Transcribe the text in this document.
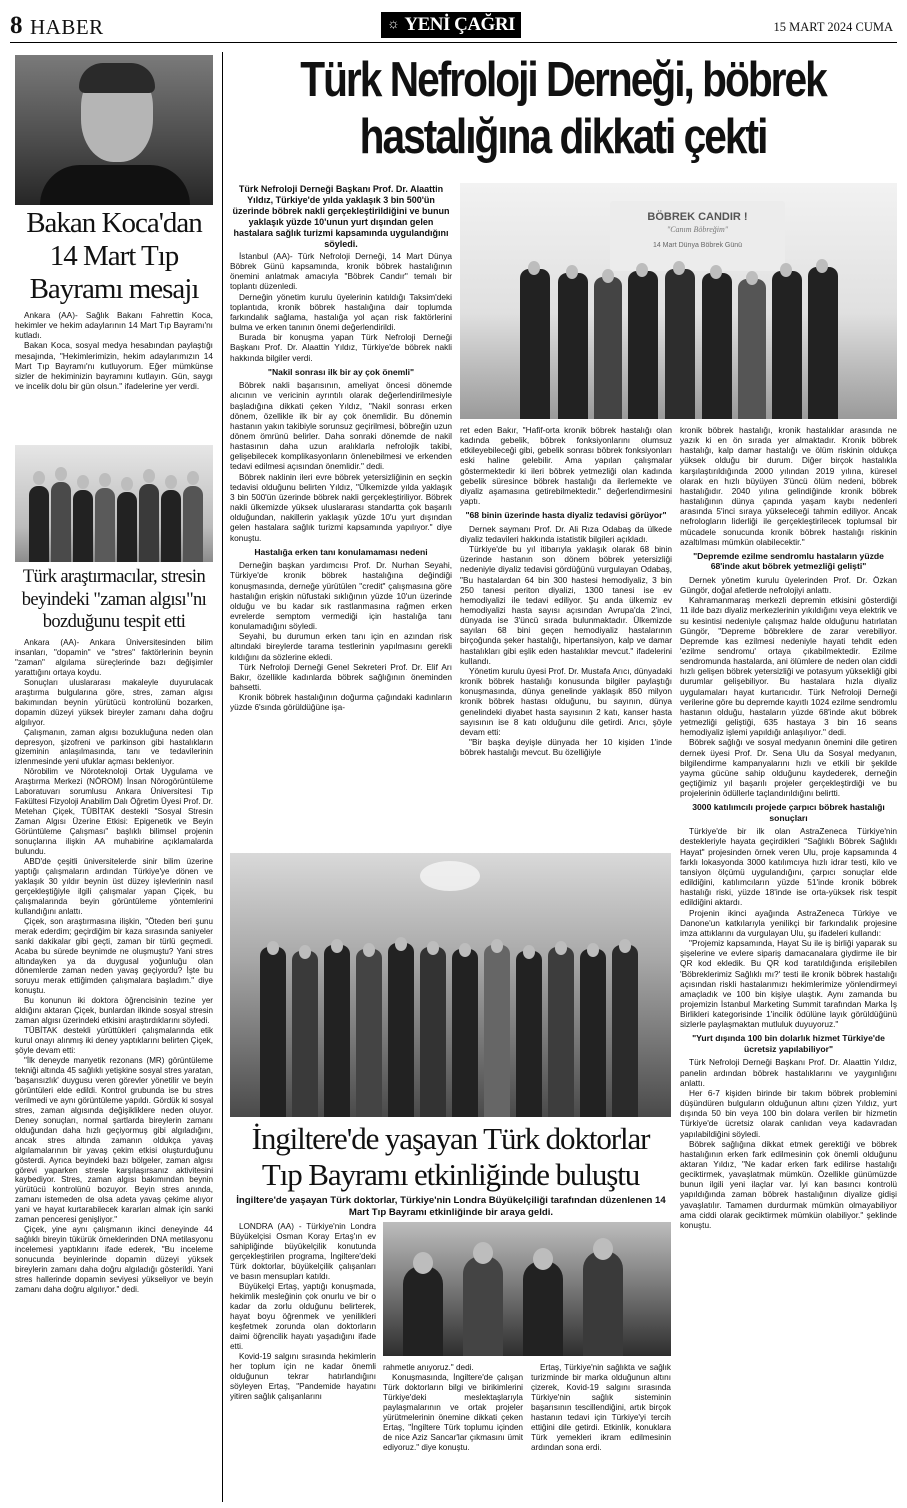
8 HABER	☼ YENİ ÇAĞRI	15 MART 2024 CUMA
Bakan Koca'dan
14 Mart Tıp
Bayramı mesajı

Ankara (AA)- Sağlık Bakanı Fahrettin Koca, hekimler ve hekim adaylarının 14 Mart Tıp Bayramı'nı kutladı.

Bakan Koca, sosyal medya hesabından paylaştığı mesajında, "Hekimlerimizin, hekim adaylarımızın 14 Mart Tıp Bayramı'nı kutluyorum. Eğer mümkünse sizler de hekiminizin bayramını kutlayın. Gün, saygı ve incelik dolu bir gün olsun." ifadelerine yer verdi.

Türk araştırmacılar, stresin
beyindeki "zaman algısı"nı
bozduğunu tespit etti

Ankara (AA)- Ankara Üniversitesinden bilim insanları, "dopamin" ve "stres" faktörlerinin beynin "zaman" algılama süreçlerinde bazı değişimler yarattığını ortaya koydu.

Sonuçları uluslararası makaleyle duyurulacak araştırma bulgularına göre, stres, zaman algısı bakımından beynin yürütücü kontrolünü bozarken, dopamin düzeyi yüksek bireyler zamanı daha doğru algılıyor.

Çalışmanın, zaman algısı bozukluğuna neden olan depresyon, şizofreni ve parkinson gibi hastalıkların gizeminin anlaşılmasında, tanı ve tedavilerinin izlenmesinde yeni ufuklar açması bekleniyor.

Nörobilim ve Nöroteknoloji Ortak Uygulama ve Araştırma Merkezi (NÖROM) İnsan Nörogörüntüleme Laboratuvarı sorumlusu Ankara Üniversitesi Tıp Fakültesi Fizyoloji Anabilim Dalı Öğretim Üyesi Prof. Dr. Metehan Çiçek, TÜBİTAK destekli "Sosyal Stresin Zaman Algısı Üzerine Etkisi: Epigenetik ve Beyin Görüntüleme Çalışması" başlıklı bilimsel projenin sonuçlarına ilişkin AA muhabirine açıklamalarda bulundu.

ABD'de çeşitli üniversitelerde sinir bilim üzerine yaptığı çalışmaların ardından Türkiye'ye dönen ve yaklaşık 30 yıldır beynin üst düzey işlevlerinin nasıl gerçekleştiğiyle ilgili çalışmalar yapan Çiçek, bu çalışmalarında beyin görüntüleme yöntemlerini kullandığını anlattı.

Çiçek, son araştırmasına ilişkin, "Öteden beri şunu merak ederdim; geçirdiğim bir kaza sırasında saniyeler sanki dakikalar gibi geçti, zaman bir türlü geçmedi. Acaba bu sürede beynimde ne oluşmuştu? Yani stres altındayken ya da duygusal yoğunluğu olan dönemlerde zaman neden yavaş geçiyordu? İşte bu soruyu merak ettiğimden çalışmalara başladım." diye konuştu.

Bu konunun iki doktora öğrencisinin tezine yer aldığını aktaran Çiçek, bunlardan ilkinde sosyal stresin zaman algısı üzerindeki etkisini araştırdıklarını söyledi.

TÜBİTAK destekli yürüttükleri çalışmalarında etik kurul onayı alınmış iki deney yaptıklarını belirten Çiçek, şöyle devam etti:

"İlk deneyde manyetik rezonans (MR) görüntüleme tekniği altında 45 sağlıklı yetişkine sosyal stres yaratan, 'başarısızlık' duygusu veren görevler yönetilir ve beyin görüntüleri elde edildi. Kontrol grubunda ise bu stres verilmedi ve aynı görüntüleme yapıldı. Gördük ki sosyal stres, zaman algısında değişikliklere neden oluyor. Deney sonuçları, normal şartlarda bireylerin zamanı olduğundan daha hızlı geçiyormuş gibi algıladığını, ancak stres altında zamanın oldukça yavaş algılamalarının bir yavaş çekim etkisi oluşturduğunu gösterdi. Ayrıca beyindeki bazı bölgeler, zaman algısı görevi yaparken stresle karşılaşırsanız aktivitesini kaybediyor. Stres, zaman algısı bakımından beynin yürütücü kontrolünü bozuyor. Beyin stres anında, zamanı istemeden de olsa adeta yavaş çekime alıyor yani ve hayat kurtarabilecek kararları almak için sanki zaman penceresi genişliyor."

Çiçek, yine aynı çalışmanın ikinci deneyinde 44 sağlıklı bireyin tükürük örneklerinden DNA metilasyonu incelemesi yaptıklarını ifade ederek, "Bu inceleme sonucunda beyinlerinde dopamin düzeyi yüksek bireylerin zamanı daha doğru algıladığı gösterildi. Yani stres hallerinde dopamin seviyesi yükseliyor ve beyin zamanı daha doğru algılıyor." dedi.

Türk Nefroloji Derneği, böbrek
hastalığına dikkati çekti
Türk Nefroloji Derneği Başkanı Prof. Dr. Alaattin Yıldız, Türkiye'de yılda yaklaşık 3 bin 500'ün üzerinde böbrek nakli gerçekleştirildiğini ve bunun yaklaşık yüzde 10'unun yurt dışından gelen hastalara sağlık turizmi kapsamında uygulandığını söyledi.

İstanbul (AA)- Türk Nefroloji Derneği, 14 Mart Dünya Böbrek Günü kapsamında, kronik böbrek hastalığının önemini anlatmak amacıyla "Böbrek Candır" temalı bir toplantı düzenledi.

Derneğin yönetim kurulu üyelerinin katıldığı Taksim'deki toplantıda, kronik böbrek hastalığına dair toplumda farkındalık sağlama, hastalığa yol açan risk faktörlerini bulma ve erken tanının önemi değerlendirildi.

Burada bir konuşma yapan Türk Nefroloji Derneği Başkanı Prof. Dr. Alaattin Yıldız, Türkiye'de böbrek nakli hakkında bilgiler verdi.

"Nakil sonrası ilk bir ay çok önemli"

Böbrek nakli başarısının, ameliyat öncesi dönemde alıcının ve vericinin ayrıntılı olarak değerlendirilmesiyle başladığına dikkati çeken Yıldız, "Nakil sonrası erken dönem, özellikle ilk bir ay çok önemlidir. Bu dönemin hastanın yakın takibiyle sorunsuz geçirilmesi, böbreğin uzun dönem ömrünü belirler. Daha sonraki dönemde de nakil hastasının daha uzun aralıklarla nefrolojik takibi, gelişebilecek komplikasyonların önlenebilmesi ve erkenden tedavi edilmesi açısından önemlidir." dedi.

Böbrek naklinin ileri evre böbrek yetersizliğinin en seçkin tedavisi olduğunu belirten Yıldız, "Ülkemizde yılda yaklaşık 3 bin 500'ün üzerinde böbrek nakli gerçekleştiriliyor. Böbrek nakli ülkemizde yüksek uluslararası standartta çok başarılı olduğundan, nakillerin yaklaşık yüzde 10'u yurt dışından gelen hastalara sağlık turizmi kapsamında yapılıyor." diye konuştu.

Hastalığa erken tanı konulamaması nedeni

Derneğin başkan yardımcısı Prof. Dr. Nurhan Seyahi, Türkiye'de kronik böbrek hastalığına değindiği konuşmasında, derneğe yürütülen "credit" çalışmasına göre hastalığın erişkin nüfustaki sıklığının yüzde 10'un üzerinde olduğu ve bu kadar sık rastlanmasına rağmen erken evrelerde semptom vermediği için hastalığa tanı konulamadığını söyledi.

Seyahi, bu durumun erken tanı için en azından risk altındaki bireylerde tarama testlerinin yapılmasını gerekli kıldığını da sözlerine ekledi.

Türk Nefroloji Derneği Genel Sekreteri Prof. Dr. Elif Arı Bakır, özellikle kadınlarda böbrek sağlığının öneminden bahsetti.

Kronik böbrek hastalığının doğurma çağındaki kadınların yüzde 6'sında görüldüğüne işa-

BÖBREK CANDIR !
"Canım Böbreğim"
14 Mart Dünya Böbrek Günü

ret eden Bakır, "Hafif-orta kronik böbrek hastalığı olan kadında gebelik, böbrek fonksiyonlarını olumsuz etkileyebileceği gibi, gebelik sonrası böbrek fonksiyonları eski haline gelebilir. Ama yapılan çalışmalar göstermektedir ki ileri böbrek yetmezliği olan kadında gebelik süresince böbrek hastalığı da ilerlemekte ve diyaliz aşamasına getirebilmektedir." değerlendirmesini yaptı.

"68 binin üzerinde hasta diyaliz tedavisi görüyor"

Dernek saymanı Prof. Dr. Ali Rıza Odabaş da ülkede diyaliz tedavileri hakkında istatistik bilgileri açıkladı.

Türkiye'de bu yıl itibarıyla yaklaşık olarak 68 binin üzerinde hastanın son dönem böbrek yetersizliği nedeniyle diyaliz tedavisi gördüğünü vurgulayan Odabaş, "Bu hastalardan 64 bin 300 hastesi hemodiyaliz, 3 bin 250 tanesi periton diyalizi, 1300 tanesi ise ev hemodiyalizi ile tedavi ediliyor. Şu anda ülkemiz ev hemodiyalizi hasta sayısı açısından Avrupa'da 2'inci, dünyada ise 3'üncü sırada bulunmaktadır. Ülkemizde sayıları 68 bini geçen hemodiyaliz hastalarının birçoğunda şeker hastalığı, hipertansiyon, kalp ve damar hastalıkları gibi eşlik eden hastalıklar mevcut." ifadelerini kullandı.

Yönetim kurulu üyesi Prof. Dr. Mustafa Arıcı, dünyadaki kronik böbrek hastalığı konusunda bilgiler paylaştığı konuşmasında, dünya genelinde yaklaşık 850 milyon kronik böbrek hastası olduğunu, bu sayının, dünya genelindeki diyabet hasta sayısının 2 katı, kanser hasta sayısının ise 8 katı olduğunu dile getirdi. Arıcı, şöyle devam etti:

"Bir başka deyişle dünyada her 10 kişiden 1'inde böbrek hastalığı mevcut. Bu özelliğiyle

kronik böbrek hastalığı, kronik hastalıklar arasında ne yazık ki en ön sırada yer almaktadır. Kronik böbrek hastalığı, kalp damar hastalığı ve ölüm riskinin oldukça yüksek olduğu bir durum. Diğer birçok hastalıkla karşılaştırıldığında 2000 yılından 2019 yılına, küresel olarak en hızlı büyüyen 3'üncü ölüm nedeni, böbrek hastalığıdır. 2040 yılına gelindiğinde kronik böbrek hastalığının dünya çapında yaşam kaybı nedenleri arasında 5'inci sıraya yükseleceği tahmin ediliyor. Ancak nefrologların liderliği ile gerçekleştirilecek toplumsal bir mücadele sonucunda kronik böbrek hastalığı riskinin azaltılması mümkün olabilecektir."

"Depremde ezilme sendromlu hastaların yüzde 68'inde akut böbrek yetmezliği gelişti"

Dernek yönetim kurulu üyelerinden Prof. Dr. Özkan Güngör, doğal afetlerde nefrolojiyi anlattı.

Kahramanmaraş merkezli depremin etkisini gösterdiği 11 ilde bazı diyaliz merkezlerinin yıkıldığını veya elektrik ve su kesintisi nedeniyle çalışmaz halde olduğunu hatırlatan Güngör, "Depreme böbreklere de zarar verebiliyor. Depremde kas ezilmesi nedeniyle hayati tehdit eden 'ezilme sendromu' ortaya çıkabilmektedir. Ezilme sendromunda hastalarda, ani ölümlere de neden olan ciddi hızlı gelişen böbrek yetersizliği ve potasyum yüksekliği gibi durumlar gelişebiliyor. Bu hastalara hızla diyaliz uygulamaları hayat kurtarıcıdır. Türk Nefroloji Derneği verilerine göre bu depremde kayıtlı 1024 ezilme sendromlu hastanın olduğu, hastaların yüzde 68'inde akut böbrek yetmezliği geliştiği, 635 hastaya 3 bin 16 seans hemodiyaliz işlemi yapıldığı anlaşılıyor." dedi.

Böbrek sağlığı ve sosyal medyanın önemini dile getiren dernek üyesi Prof. Dr. Sena Ulu da Sosyal medyanın, bilgilendirme kampanyalarını hızlı ve etkili bir şekilde yayma gücüne sahip olduğunu kaydederek, derneğin geçtiğimiz yıl başarılı projeler gerçekleştirdiği ve bu projelerinin ödüllerle taçlandırıldığını belirtti.

3000 katılımcılı projede çarpıcı böbrek hastalığı sonuçları

Türkiye'de bir ilk olan AstraZeneca Türkiye'nin destekleriyle hayata geçirdikleri "Sağlıklı Böbrek Sağlıklı Hayat" projesinden örnek veren Ulu, proje kapsamında 4 farklı lokasyonda 3000 katılımcıya hızlı idrar testi, kilo ve tansiyon ölçümü uygulandığını, çarpıcı sonuçlar elde edildiğini, katılımcıların yüzde 51'inde kronik böbrek hastalığı riski, yüzde 18'inde ise orta-yüksek risk tespit edildiğini aktardı.

Projenin ikinci ayağında AstraZeneca Türkiye ve Danone'un katkılarıyla yenilikçi bir farkındalık projesine imza attıklarını da vurgulayan Ulu, şu ifadeleri kullandı:

"Projemiz kapsamında, Hayat Su ile iş birliği yaparak su şişelerine ve evlere sipariş damacanalara giydirme ile bir QR kod ekledik. Bu QR kod taratıldığında erişilebilen 'Böbreklerimiz Sağlıklı mı?' testi ile kronik böbrek hastalığı açısından riskli hastalarımızı hekimlerimize yönlendirmeyi amaçladık ve 100 bin kişiye ulaştık. Aynı zamanda bu projemizin İstanbul Marketing Summit tarafından Marka İş Birlikleri kategorisinde 1'incilik ödülüne layık görüldüğünü sizlerle paylaşmaktan mutluluk duyuyoruz."

"Yurt dışında 100 bin dolarlık hizmet Türkiye'de ücretsiz yapılabiliyor"

Türk Nefroloji Derneği Başkanı Prof. Dr. Alaattin Yıldız, panelin ardından böbrek hastalıklarını ve yaygınlığını anlattı.

Her 6-7 kişiden birinde bir takım böbrek problemini düşündüren bulguların olduğunun altını çizen Yıldız, yurt dışında 50 bin veya 100 bin dolara verilen bir hizmetin Türkiye'de ücretsiz olarak canlıdan veya kadavradan yapılabildiğini söyledi.

Böbrek sağlığına dikkat etmek gerektiği ve böbrek hastalığının erken fark edilmesinin çok önemli olduğunu aktaran Yıldız, "Ne kadar erken fark edilirse hastalığı geciktirmek, yavaşlatmak mümkün. Özellikle günümüzde bunun ilgili yeni ilaçlar var. İyi kan basıncı kontrolü yapıldığında zaman böbrek hastalığının diyalize gidişi yavaşlatılır. Tamamen durdurmak mümkün olmayabiliyor ama ciddi olarak geciktirmek mümkün olabiliyor." şeklinde konuştu.

İngiltere'de yaşayan Türk doktorlar
Tıp Bayramı etkinliğinde buluştu
İngiltere'de yaşayan Türk doktorlar, Türkiye'nin Londra Büyükelçiliği tarafından düzenlenen 14 Mart Tıp Bayramı etkinliğinde bir araya geldi.

LONDRA (AA) - Türkiye'nin Londra Büyükelçisi Osman Koray Ertaş'ın ev sahipliğinde büyükelçilik konutunda gerçekleştirilen programa, İngiltere'deki Türk doktorlar, büyükelçilik çalışanları ve basın mensupları katıldı.

Büyükelçi Ertaş, yaptığı konuşmada, hekimlik mesleğinin çok onurlu ve bir o kadar da zorlu olduğunu belirterek, hayat boyu öğrenmek ve yenilikleri keşfetmek zorunda olan doktorların daimi öğrencilik hayatı yaşadığını ifade etti.

Kovid-19 salgını sırasında hekimlerin her toplum için ne kadar önemli olduğunun tekrar hatırlandığını söyleyen Ertaş, "Pandemide hayatını yitiren sağlık çalışanlarını

rahmetle anıyoruz." dedi.

Konuşmasında, İngiltere'de çalışan Türk doktorların bilgi ve birikimlerini Türkiye'deki meslektaşlarıyla paylaşmalarının ve ortak projeler yürütmelerinin önemine dikkati çeken Ertaş, "İngiltere Türk toplumu içinden de nice Aziz Sancar'lar çıkmasını ümit ediyoruz." diye konuştu.

Ertaş, Türkiye'nin sağlıkta ve sağlık turizminde bir marka olduğunun altını çizerek, Kovid-19 salgını sırasında Türkiye'nin sağlık sisteminin başarısının tescillendiğini, artık birçok hastanın tedavi için Türkiye'yi tercih ettiğini dile getirdi. Etkinlik, konuklara Türk yemekleri ikram edilmesinin ardından sona erdi.
